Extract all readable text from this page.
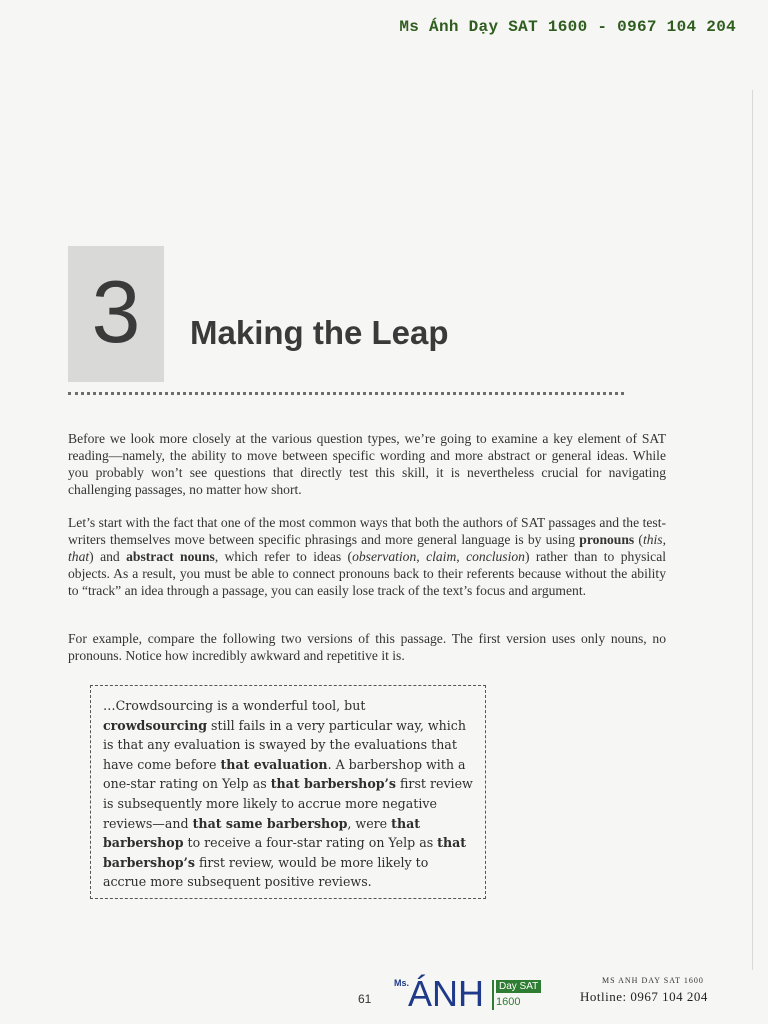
Ms Ánh Dạy SAT 1600 - 0967 104 204
3	Making the Leap

Before we look more closely at the various question types, we’re going to examine a key element of SAT reading—namely, the ability to move between specific wording and more abstract or general ideas. While you probably won’t see questions that directly test this skill, it is nevertheless crucial for navigating challenging passages, no matter how short.

Let’s start with the fact that one of the most common ways that both the authors of SAT passages and the test-writers themselves move between specific phrasings and more general language is by using pronouns (this, that) and abstract nouns, which refer to ideas (observation, claim, conclusion) rather than to physical objects. As a result, you must be able to connect pronouns back to their referents because without the ability to “track” an idea through a passage, you can easily lose track of the text’s focus and argument.

For example, compare the following two versions of this passage. The first version uses only nouns, no pronouns. Notice how incredibly awkward and repetitive it is.

…Crowdsourcing is a wonderful tool, but crowdsourcing still fails in a very particular way, which is that any evaluation is swayed by the evaluations that have come before that evaluation. A barbershop with a one-star rating on Yelp as that barbershop’s first review is subsequently more likely to accrue more negative reviews—and that same barbershop, were that barbershop to receive a four-star rating on Yelp as that barbershop’s first review, would be more likely to accrue more subsequent positive reviews.
61
Ms.
ÁNH	Day SAT
1600
MS ANH DAY SAT 1600
Hotline: 0967 104 204
